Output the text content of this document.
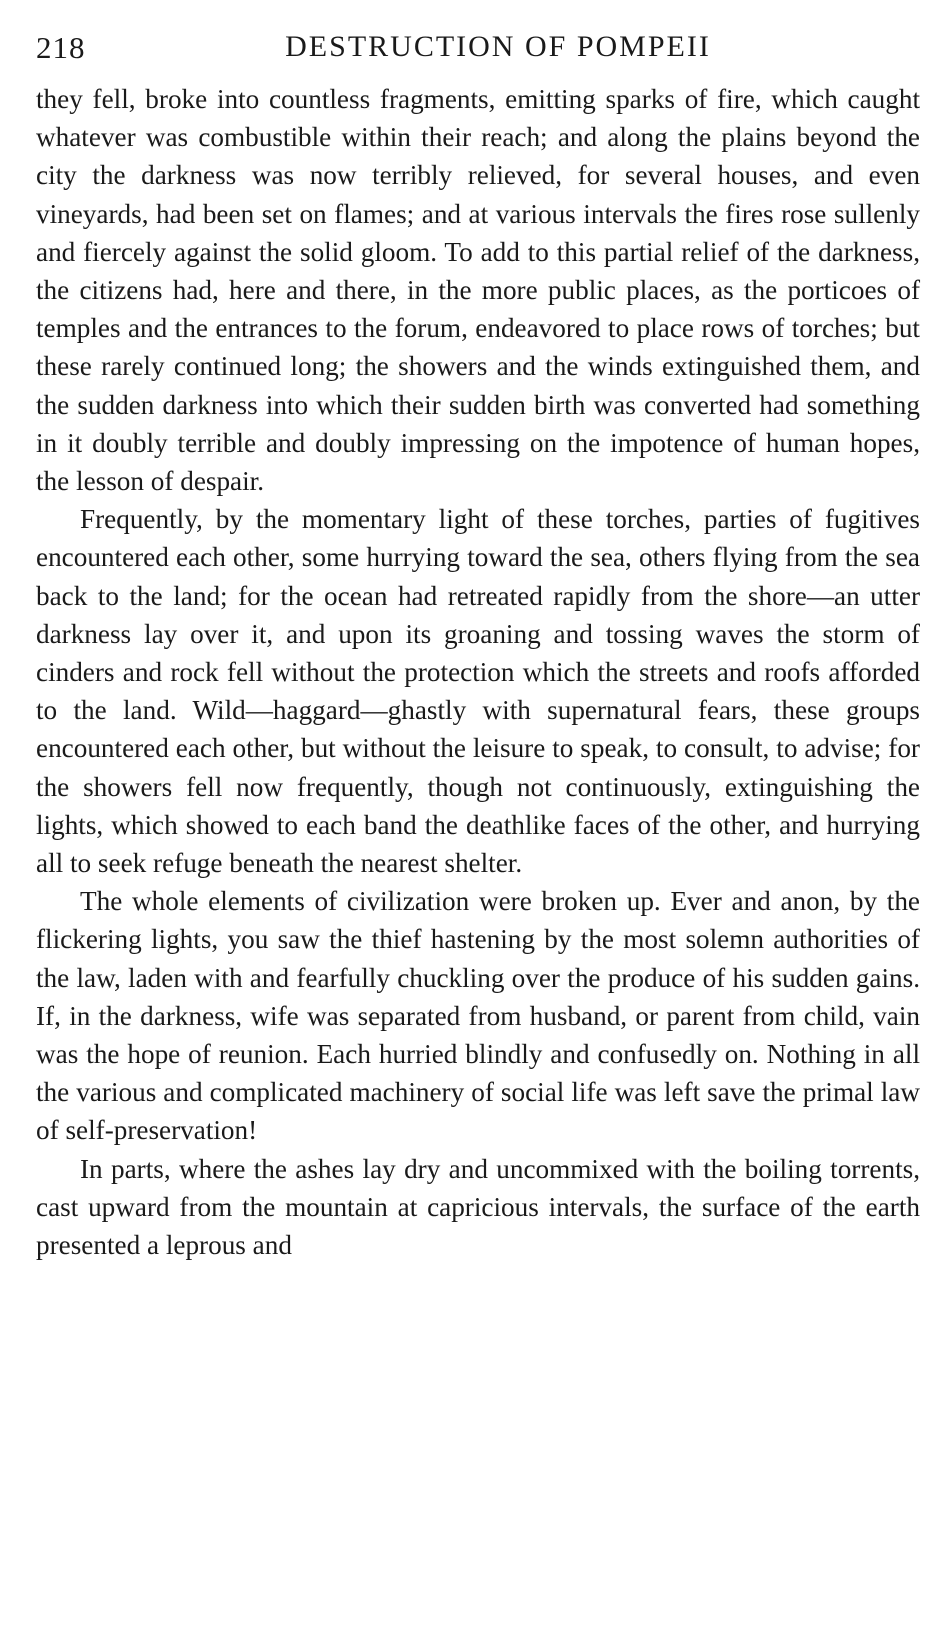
218	DESTRUCTION OF POMPEII

they fell, broke into countless fragments, emitting sparks of fire, which caught whatever was combustible within their reach; and along the plains beyond the city the darkness was now terribly relieved, for several houses, and even vineyards, had been set on flames; and at various intervals the fires rose sullenly and fiercely against the solid gloom. To add to this partial relief of the darkness, the citizens had, here and there, in the more public places, as the porticoes of temples and the entrances to the forum, endeavored to place rows of torches; but these rarely continued long; the showers and the winds extinguished them, and the sudden darkness into which their sudden birth was converted had something in it doubly terrible and doubly impressing on the impotence of human hopes, the lesson of despair.

Frequently, by the momentary light of these torches, parties of fugitives encountered each other, some hurrying toward the sea, others flying from the sea back to the land; for the ocean had retreated rapidly from the shore—an utter darkness lay over it, and upon its groaning and tossing waves the storm of cinders and rock fell without the protection which the streets and roofs afforded to the land. Wild—haggard—ghastly with supernatural fears, these groups encountered each other, but without the leisure to speak, to consult, to advise; for the showers fell now frequently, though not continuously, extinguishing the lights, which showed to each band the deathlike faces of the other, and hurrying all to seek refuge beneath the nearest shelter.

The whole elements of civilization were broken up. Ever and anon, by the flickering lights, you saw the thief hastening by the most solemn authorities of the law, laden with and fearfully chuckling over the produce of his sudden gains. If, in the darkness, wife was separated from husband, or parent from child, vain was the hope of reunion. Each hurried blindly and confusedly on. Nothing in all the various and complicated machinery of social life was left save the primal law of self-preservation!

In parts, where the ashes lay dry and uncommixed with the boiling torrents, cast upward from the mountain at capricious intervals, the surface of the earth presented a leprous and
